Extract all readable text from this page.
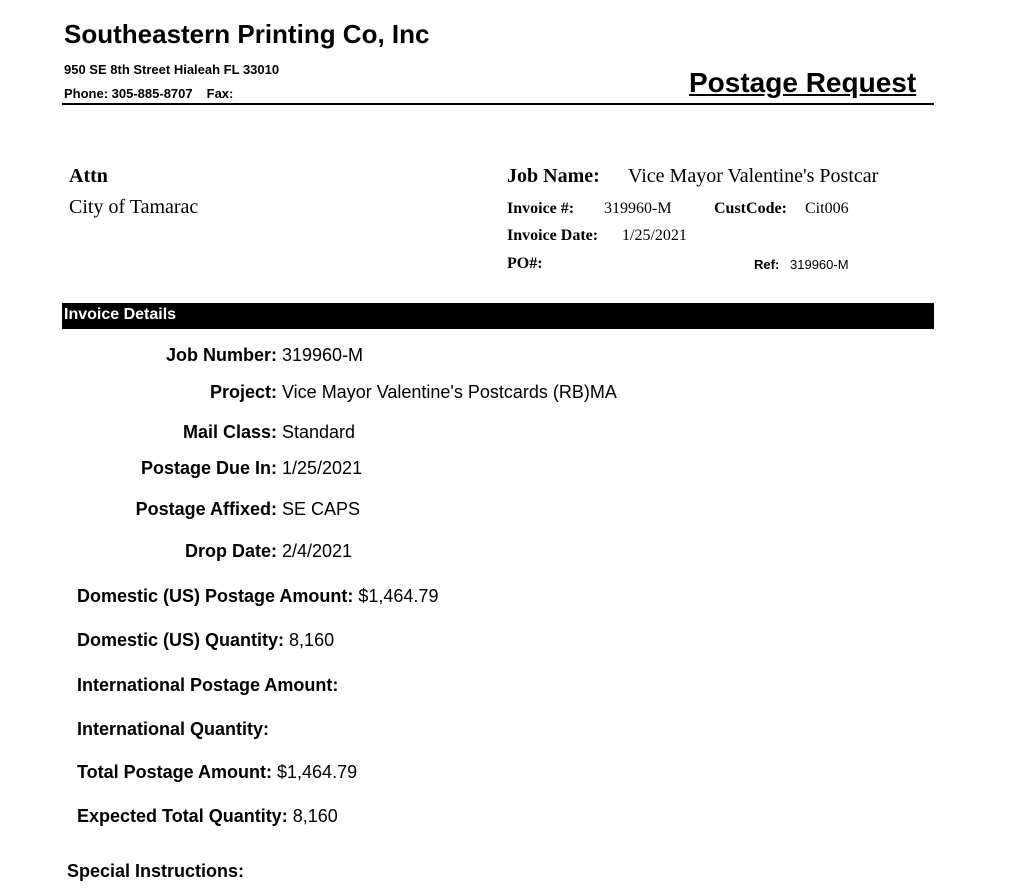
Southeastern Printing Co, Inc
950 SE 8th Street Hialeah FL 33010
Phone: 305-885-8707 Fax:	Postage Request
Attn
City of Tamarac
Job Name: Vice Mayor Valentine's Postcar
Invoice #: 319960-M	CustCode: Cit006
Invoice Date: 1/25/2021
PO#:	Ref: 319960-M
Invoice Details
Job Number: 319960-M
Project: Vice Mayor Valentine's Postcards (RB)MA
Mail Class: Standard
Postage Due In: 1/25/2021
Postage Affixed: SE CAPS
Drop Date: 2/4/2021
Domestic (US) Postage Amount: $1,464.79
Domestic (US) Quantity: 8,160
International Postage Amount:
International Quantity:
Total Postage Amount: $1,464.79
Expected Total Quantity: 8,160
Special Instructions:
